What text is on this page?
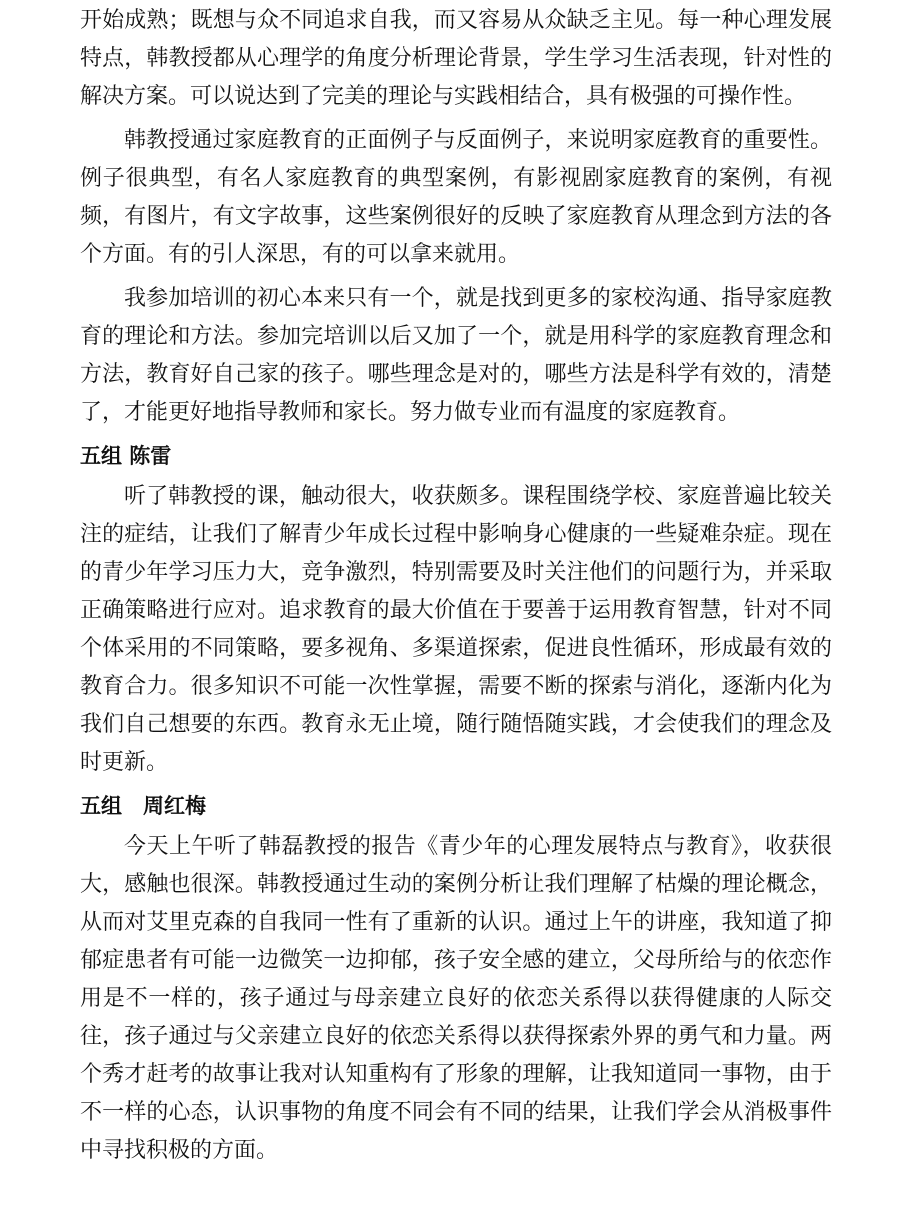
开始成熟；既想与众不同追求自我，而又容易从众缺乏主见。每一种心理发展特点，韩教授都从心理学的角度分析理论背景，学生学习生活表现，针对性的解决方案。可以说达到了完美的理论与实践相结合，具有极强的可操作性。

韩教授通过家庭教育的正面例子与反面例子，来说明家庭教育的重要性。例子很典型，有名人家庭教育的典型案例，有影视剧家庭教育的案例，有视频，有图片，有文字故事，这些案例很好的反映了家庭教育从理念到方法的各个方面。有的引人深思，有的可以拿来就用。

我参加培训的初心本来只有一个，就是找到更多的家校沟通、指导家庭教育的理论和方法。参加完培训以后又加了一个，就是用科学的家庭教育理念和方法，教育好自己家的孩子。哪些理念是对的，哪些方法是科学有效的，清楚了，才能更好地指导教师和家长。努力做专业而有温度的家庭教育。

五组 陈雷

听了韩教授的课，触动很大，收获颇多。课程围绕学校、家庭普遍比较关注的症结，让我们了解青少年成长过程中影响身心健康的一些疑难杂症。现在的青少年学习压力大，竞争激烈，特别需要及时关注他们的问题行为，并采取正确策略进行应对。追求教育的最大价值在于要善于运用教育智慧，针对不同个体采用的不同策略，要多视角、多渠道探索，促进良性循环，形成最有效的教育合力。很多知识不可能一次性掌握，需要不断的探索与消化，逐渐内化为我们自己想要的东西。教育永无止境，随行随悟随实践，才会使我们的理念及时更新。

五组　周红梅

今天上午听了韩磊教授的报告《青少年的心理发展特点与教育》，收获很大，感触也很深。韩教授通过生动的案例分析让我们理解了枯燥的理论概念，从而对艾里克森的自我同一性有了重新的认识。通过上午的讲座，我知道了抑郁症患者有可能一边微笑一边抑郁，孩子安全感的建立，父母所给与的依恋作用是不一样的，孩子通过与母亲建立良好的依恋关系得以获得健康的人际交往，孩子通过与父亲建立良好的依恋关系得以获得探索外界的勇气和力量。两个秀才赶考的故事让我对认知重构有了形象的理解，让我知道同一事物，由于不一样的心态，认识事物的角度不同会有不同的结果，让我们学会从消极事件中寻找积极的方面。
